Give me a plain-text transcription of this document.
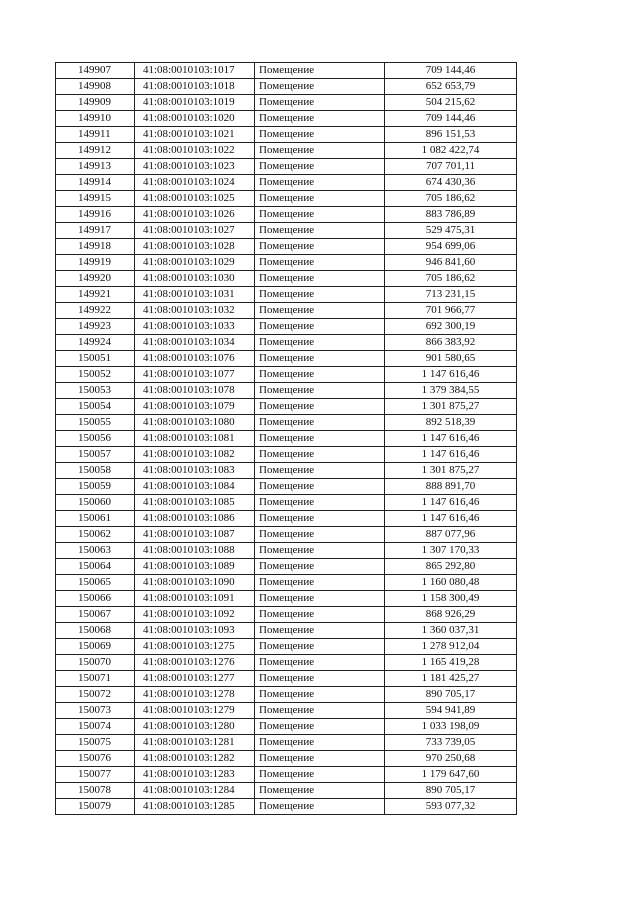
149907	41:08:0010103:1017	Помещение	709 144,46
149908	41:08:0010103:1018	Помещение	652 653,79
149909	41:08:0010103:1019	Помещение	504 215,62
149910	41:08:0010103:1020	Помещение	709 144,46
149911	41:08:0010103:1021	Помещение	896 151,53
149912	41:08:0010103:1022	Помещение	1 082 422,74
149913	41:08:0010103:1023	Помещение	707 701,11
149914	41:08:0010103:1024	Помещение	674 430,36
149915	41:08:0010103:1025	Помещение	705 186,62
149916	41:08:0010103:1026	Помещение	883 786,89
149917	41:08:0010103:1027	Помещение	529 475,31
149918	41:08:0010103:1028	Помещение	954 699,06
149919	41:08:0010103:1029	Помещение	946 841,60
149920	41:08:0010103:1030	Помещение	705 186,62
149921	41:08:0010103:1031	Помещение	713 231,15
149922	41:08:0010103:1032	Помещение	701 966,77
149923	41:08:0010103:1033	Помещение	692 300,19
149924	41:08:0010103:1034	Помещение	866 383,92
150051	41:08:0010103:1076	Помещение	901 580,65
150052	41:08:0010103:1077	Помещение	1 147 616,46
150053	41:08:0010103:1078	Помещение	1 379 384,55
150054	41:08:0010103:1079	Помещение	1 301 875,27
150055	41:08:0010103:1080	Помещение	892 518,39
150056	41:08:0010103:1081	Помещение	1 147 616,46
150057	41:08:0010103:1082	Помещение	1 147 616,46
150058	41:08:0010103:1083	Помещение	1 301 875,27
150059	41:08:0010103:1084	Помещение	888 891,70
150060	41:08:0010103:1085	Помещение	1 147 616,46
150061	41:08:0010103:1086	Помещение	1 147 616,46
150062	41:08:0010103:1087	Помещение	887 077,96
150063	41:08:0010103:1088	Помещение	1 307 170,33
150064	41:08:0010103:1089	Помещение	865 292,80
150065	41:08:0010103:1090	Помещение	1 160 080,48
150066	41:08:0010103:1091	Помещение	1 158 300,49
150067	41:08:0010103:1092	Помещение	868 926,29
150068	41:08:0010103:1093	Помещение	1 360 037,31
150069	41:08:0010103:1275	Помещение	1 278 912,04
150070	41:08:0010103:1276	Помещение	1 165 419,28
150071	41:08:0010103:1277	Помещение	1 181 425,27
150072	41:08:0010103:1278	Помещение	890 705,17
150073	41:08:0010103:1279	Помещение	594 941,89
150074	41:08:0010103:1280	Помещение	1 033 198,09
150075	41:08:0010103:1281	Помещение	733 739,05
150076	41:08:0010103:1282	Помещение	970 250,68
150077	41:08:0010103:1283	Помещение	1 179 647,60
150078	41:08:0010103:1284	Помещение	890 705,17
150079	41:08:0010103:1285	Помещение	593 077,32
